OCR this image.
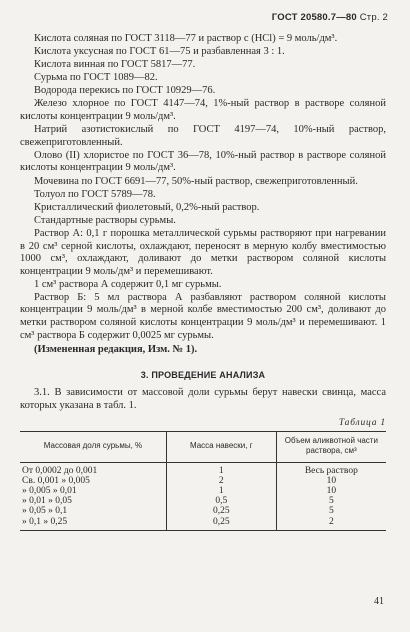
ГОСТ 20580.7—80 Стр. 2

Кислота соляная по ГОСТ 3118—77 и раствор с (HCl) = 9 моль/дм³.

Кислота уксусная по ГОСТ 61—75 и разбавленная 3 : 1.

Кислота винная по ГОСТ 5817—77.

Сурьма по ГОСТ 1089—82.

Водорода перекись по ГОСТ 10929—76.

Железо хлорное по ГОСТ 4147—74, 1%-ный раствор в растворе соляной кислоты концентрации 9 моль/дм³.

Натрий азотистокислый по ГОСТ 4197—74, 10%-ный раствор, свежеприготовленный.

Олово (II) хлористое по ГОСТ 36—78, 10%-ный раствор в растворе соляной кислоты концентрации 9 моль/дм³.

Мочевина по ГОСТ 6691—77, 50%-ный раствор, свежеприготовленный.

Толуол по ГОСТ 5789—78.

Кристаллический фиолетовый, 0,2%-ный раствор.

Стандартные растворы сурьмы.

Раствор А: 0,1 г порошка металлической сурьмы растворяют при нагревании в 20 см³ серной кислоты, охлаждают, переносят в мерную колбу вместимостью 1000 см³, охлаждают, доливают до метки раствором соляной кислоты концентрации 9 моль/дм³ и перемешивают.

1 см³ раствора А содержит 0,1 мг сурьмы.

Раствор Б: 5 мл раствора А разбавляют раствором соляной кислоты концентрации 9 моль/дм³ в мерной колбе вместимостью 200 см³, доливают до метки раствором соляной кислоты концентрации 9 моль/дм³ и перемешивают. 1 см³ раствора Б содержит 0,0025 мг сурьмы.

(Измененная редакция, Изм. № 1).

3. ПРОВЕДЕНИЕ АНАЛИЗА

3.1. В зависимости от массовой доли сурьмы берут навески свинца, масса которых указана в табл. 1.

Таблица 1
Массовая доля сурьмы, %	Масса навески, г	Объем аликвотной части раствора, см³
От 0,0002 до 0,001	1	Весь раствор
Св. 0,001 » 0,005	2	10
» 0,005 » 0,01	1	10
» 0,01 » 0,05	0,5	5
» 0,05 » 0,1	0,25	5
» 0,1 » 0,25	0,25	2
41
